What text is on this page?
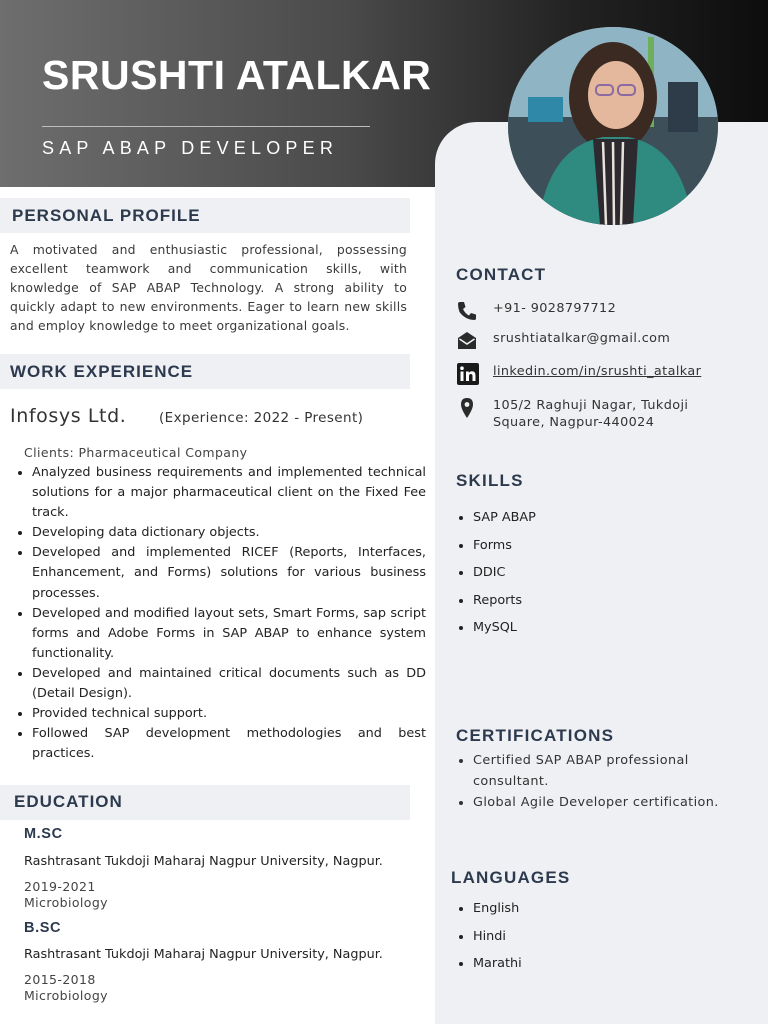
SRUSHTI ATALKAR
SAP ABAP DEVELOPER
PERSONAL PROFILE
A motivated and enthusiastic professional, possessing excellent teamwork and communication skills, with knowledge of SAP ABAP Technology. A strong ability to quickly adapt to new environments. Eager to learn new skills and employ knowledge to meet organizational goals.
WORK EXPERIENCE
Infosys Ltd. (Experience: 2022 - Present)
Clients: Pharmaceutical Company
• Analyzed business requirements and implemented technical solutions for a major pharmaceutical client on the Fixed Fee track.
• Developing data dictionary objects.
• Developed and implemented RICEF (Reports, Interfaces, Enhancement, and Forms) solutions for various business processes.
• Developed and modified layout sets, Smart Forms, sap script forms and Adobe Forms in SAP ABAP to enhance system functionality.
• Developed and maintained critical documents such as DD (Detail Design).
• Provided technical support.
• Followed SAP development methodologies and best practices.
EDUCATION
M.SC
Rashtrasant Tukdoji Maharaj Nagpur University, Nagpur.
2019-2021
Microbiology
B.SC
Rashtrasant Tukdoji Maharaj Nagpur University, Nagpur.
2015-2018
Microbiology
CONTACT
+91- 9028797712
srushtiatalkar@gmail.com
linkedin.com/in/srushti_atalkar
105/2 Raghuji Nagar, Tukdoji Square, Nagpur-440024
SKILLS
• SAP ABAP
• Forms
• DDIC
• Reports
• MySQL
CERTIFICATIONS
• Certified SAP ABAP professional consultant.
• Global Agile Developer certification.
LANGUAGES
• English
• Hindi
• Marathi
